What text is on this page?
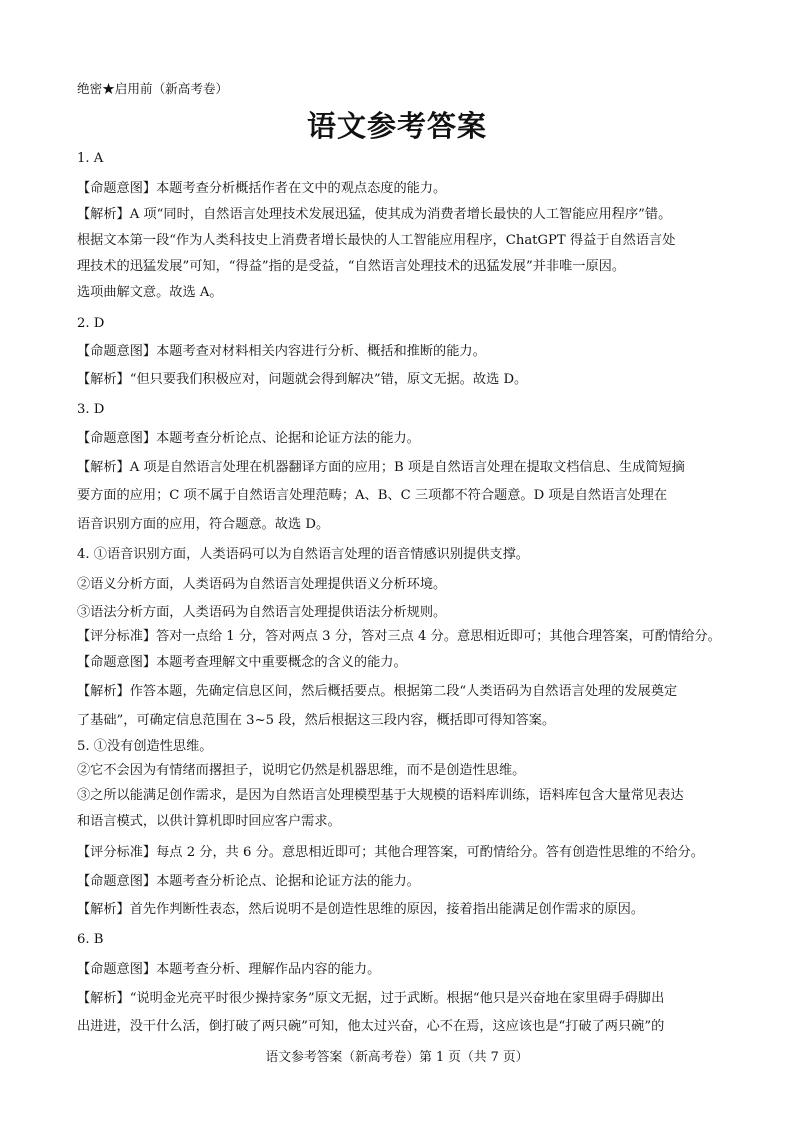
绝密★启用前（新高考卷）
语文参考答案
1. A
【命题意图】本题考查分析概括作者在文中的观点态度的能力。
【解析】A 项“同时，自然语言处理技术发展迅猛，使其成为消费者增长最快的人工智能应用程序”错。
根据文本第一段“作为人类科技史上消费者增长最快的人工智能应用程序，ChatGPT 得益于自然语言处
理技术的迅猛发展”可知，“得益”指的是受益，“自然语言处理技术的迅猛发展”并非唯一原因。
选项曲解文意。故选 A。
2. D
【命题意图】本题考查对材料相关内容进行分析、概括和推断的能力。
【解析】“但只要我们积极应对，问题就会得到解决”错，原文无据。故选 D。
3. D
【命题意图】本题考查分析论点、论据和论证方法的能力。
【解析】A 项是自然语言处理在机器翻译方面的应用；B 项是自然语言处理在提取文档信息、生成简短摘
要方面的应用；C 项不属于自然语言处理范畴；A、B、C 三项都不符合题意。D 项是自然语言处理在
语音识别方面的应用，符合题意。故选 D。
4. ①语音识别方面，人类语码可以为自然语言处理的语音情感识别提供支撑。
②语义分析方面，人类语码为自然语言处理提供语义分析环境。
③语法分析方面，人类语码为自然语言处理提供语法分析规则。
【评分标准】答对一点给 1 分，答对两点 3 分，答对三点 4 分。意思相近即可；其他合理答案，可酌情给分。
【命题意图】本题考查理解文中重要概念的含义的能力。
【解析】作答本题，先确定信息区间，然后概括要点。根据第二段“人类语码为自然语言处理的发展奠定
了基础”，可确定信息范围在 3~5 段，然后根据这三段内容，概括即可得知答案。
5. ①没有创造性思维。
②它不会因为有情绪而撂担子，说明它仍然是机器思维，而不是创造性思维。
③之所以能满足创作需求，是因为自然语言处理模型基于大规模的语料库训练，语料库包含大量常见表达
和语言模式，以供计算机即时回应客户需求。
【评分标准】每点 2 分，共 6 分。意思相近即可；其他合理答案，可酌情给分。答有创造性思维的不给分。
【命题意图】本题考查分析论点、论据和论证方法的能力。
【解析】首先作判断性表态，然后说明不是创造性思维的原因，接着指出能满足创作需求的原因。
6. B
【命题意图】本题考查分析、理解作品内容的能力。
【解析】“说明金光亮平时很少操持家务”原文无据，过于武断。根据“他只是兴奋地在家里碍手碍脚出
出进进，没干什么活，倒打破了两只碗”可知，他太过兴奋，心不在焉，这应该也是“打破了两只碗”的
语文参考答案（新高考卷）第 1 页（共 7 页）
